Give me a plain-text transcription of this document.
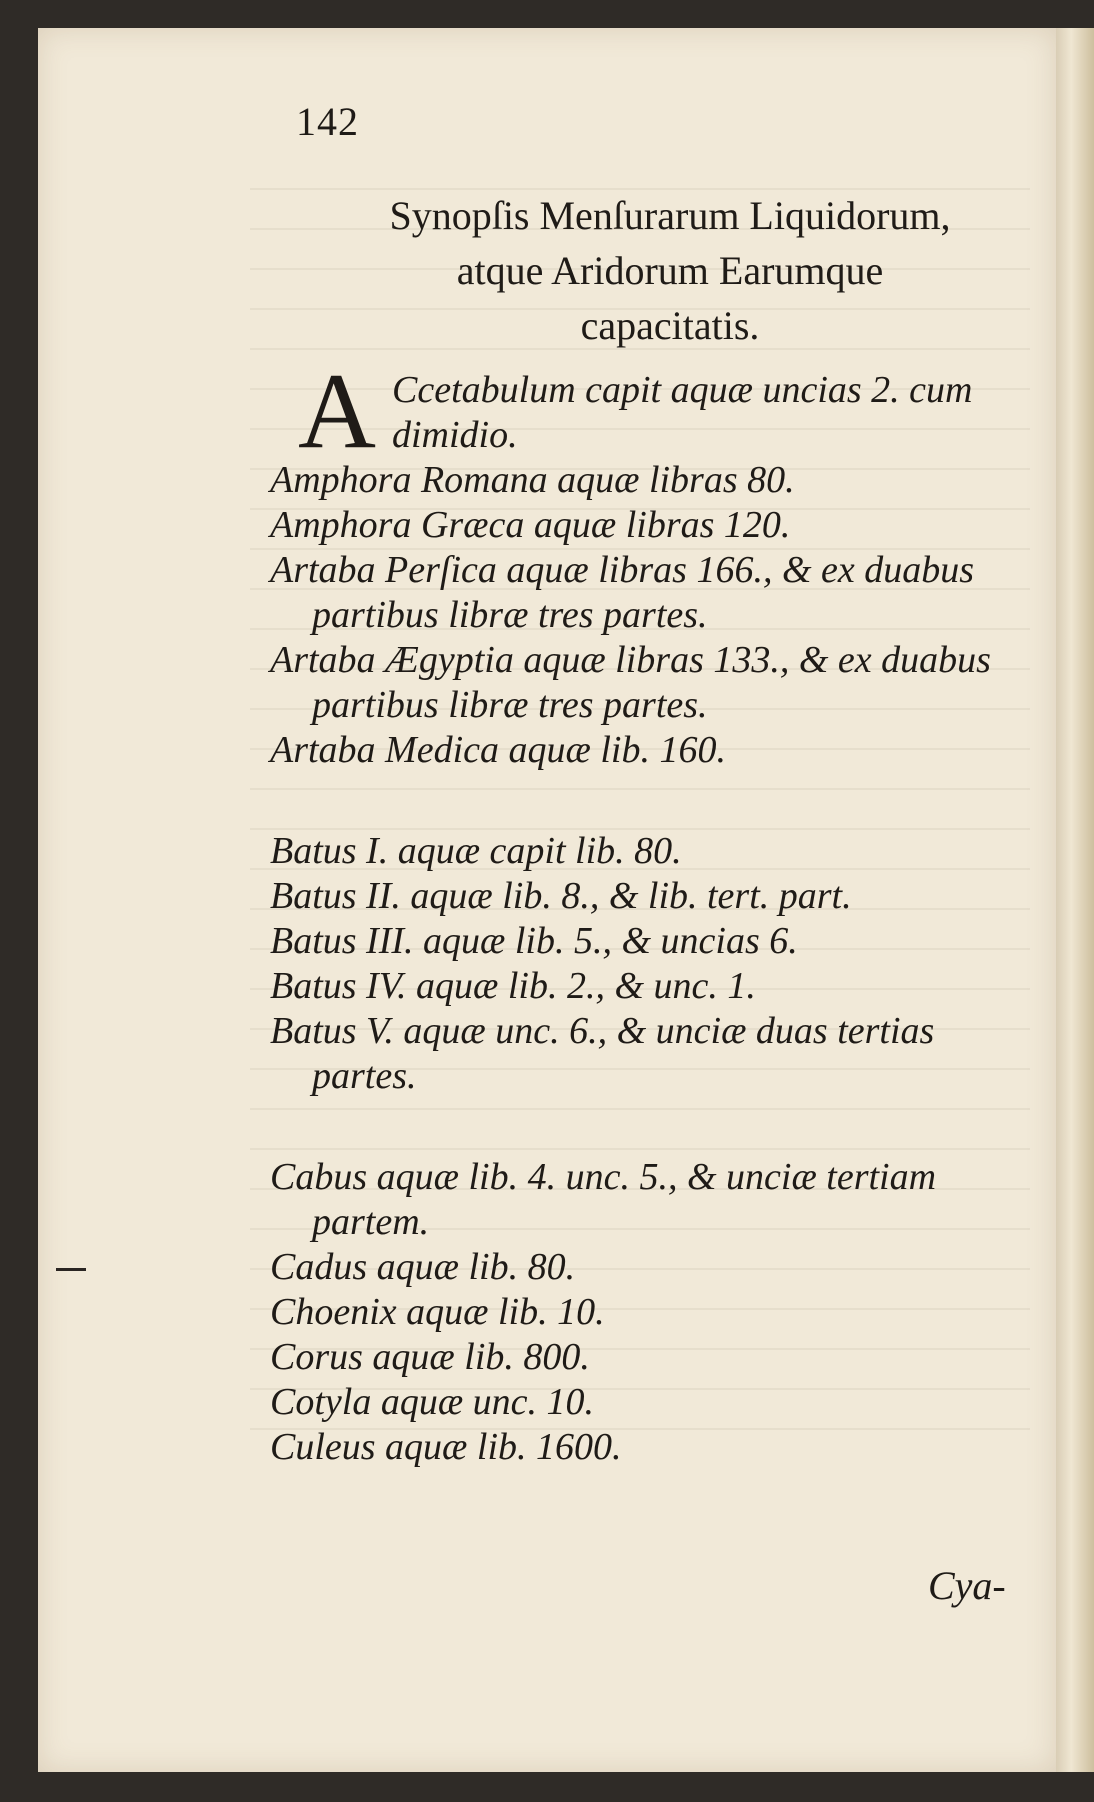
142
Synopſis Menſurarum Liquidorum,
atque Aridorum Earumque
capacitatis.

A Ccetabulum capit aquæ uncias 2. cum dimidio.

Amphora Romana aquæ libras 80.

Amphora Græca aquæ libras 120.

Artaba Perſica aquæ libras 166., & ex duabus partibus libræ tres partes.

Artaba Ægyptia aquæ libras 133., & ex duabus partibus libræ tres partes.

Artaba Medica aquæ lib. 160.

Batus I. aquæ capit lib. 80.

Batus II. aquæ lib. 8., & lib. tert. part.

Batus III. aquæ lib. 5., & uncias 6.

Batus IV. aquæ lib. 2., & unc. 1.

Batus V. aquæ unc. 6., & unciæ duas tertias partes.

Cabus aquæ lib. 4. unc. 5., & unciæ tertiam partem.

Cadus aquæ lib. 80.

Choenix aquæ lib. 10.

Corus aquæ lib. 800.

Cotyla aquæ unc. 10.

Culeus aquæ lib. 1600.

Cya-
